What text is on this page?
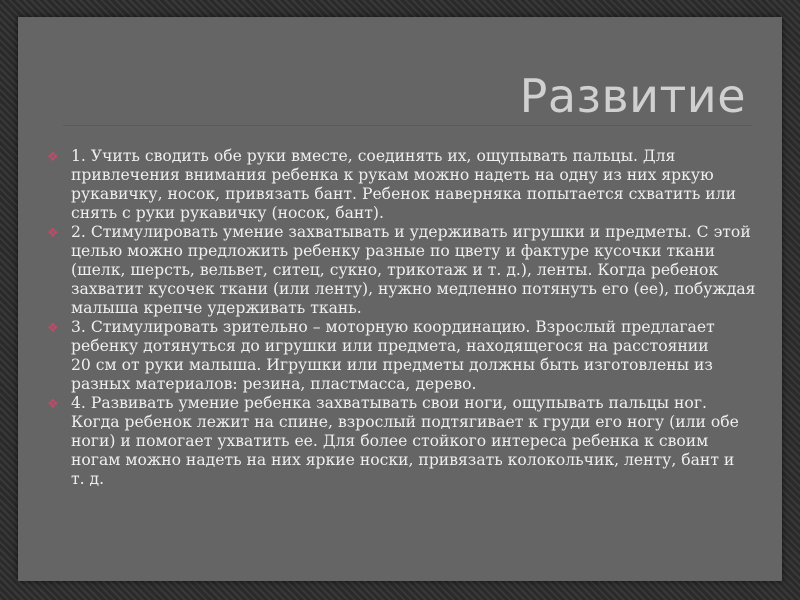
Развитие
❖ 1. Учить сводить обе руки вместе, соединять их, ощупывать пальцы. Для
привлечения внимания ребенка к рукам можно надеть на одну из них яркую
рукавичку, носок, привязать бант. Ребенок наверняка попытается схватить или
снять с руки рукавичку (носок, бант).
❖ 2. Стимулировать умение захватывать и удерживать игрушки и предметы. С этой
целью можно предложить ребенку разные по цвету и фактуре кусочки ткани
(шелк, шерсть, вельвет, ситец, сукно, трикотаж и т. д.), ленты. Когда ребенок
захватит кусочек ткани (или ленту), нужно медленно потянуть его (ее), побуждая
малыша крепче удерживать ткань.
❖ 3. Стимулировать зрительно – моторную координацию. Взрослый предлагает
ребенку дотянуться до игрушки или предмета, находящегося на расстоянии
20 см от руки малыша. Игрушки или предметы должны быть изготовлены из
разных материалов: резина, пластмасса, дерево.
❖ 4. Развивать умение ребенка захватывать свои ноги, ощупывать пальцы ног.
Когда ребенок лежит на спине, взрослый подтягивает к груди его ногу (или обе
ноги) и помогает ухватить ее. Для более стойкого интереса ребенка к своим
ногам можно надеть на них яркие носки, привязать колокольчик, ленту, бант и
т. д.
